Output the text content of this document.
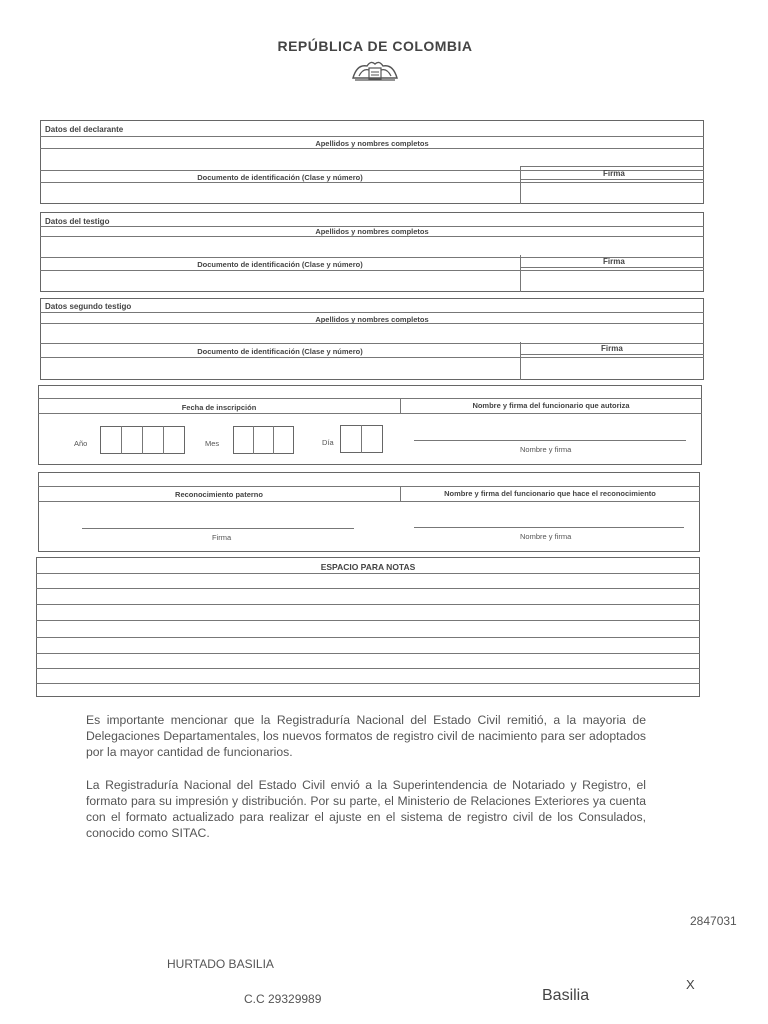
REPÚBLICA DE COLOMBIA
Datos del declarante
Apellidos y nombres completos
Documento de identificación (Clase y número)	Firma
Datos del testigo
Apellidos y nombres completos
Documento de identificación (Clase y número)	Firma
Datos segundo testigo
Apellidos y nombres completos
Documento de identificación (Clase y número)	Firma
Fecha de inscripción	Nombre y firma del funcionario que autoriza
Año	Mes	Día
Nombre y firma
Reconocimiento paterno	Nombre y firma del funcionario que hace el reconocimiento
Firma	Nombre y firma
ESPACIO PARA NOTAS
Es importante mencionar que la Registraduría Nacional del Estado Civil remitió, a la mayoria de Delegaciones Departamentales, los nuevos formatos de registro civil de nacimiento para ser adoptados por la mayor cantidad de funcionarios.
La Registraduría Nacional del Estado Civil envió a la Superintendencia de Notariado y Registro, el formato para su impresión y distribución. Por su parte, el Ministerio de Relaciones Exteriores ya cuenta con el formato actualizado para realizar el ajuste en el sistema de registro civil de los Consulados, conocido como SITAC.
2847031
HURTADO BASILIA
C.C 29329989	Basilia
X
